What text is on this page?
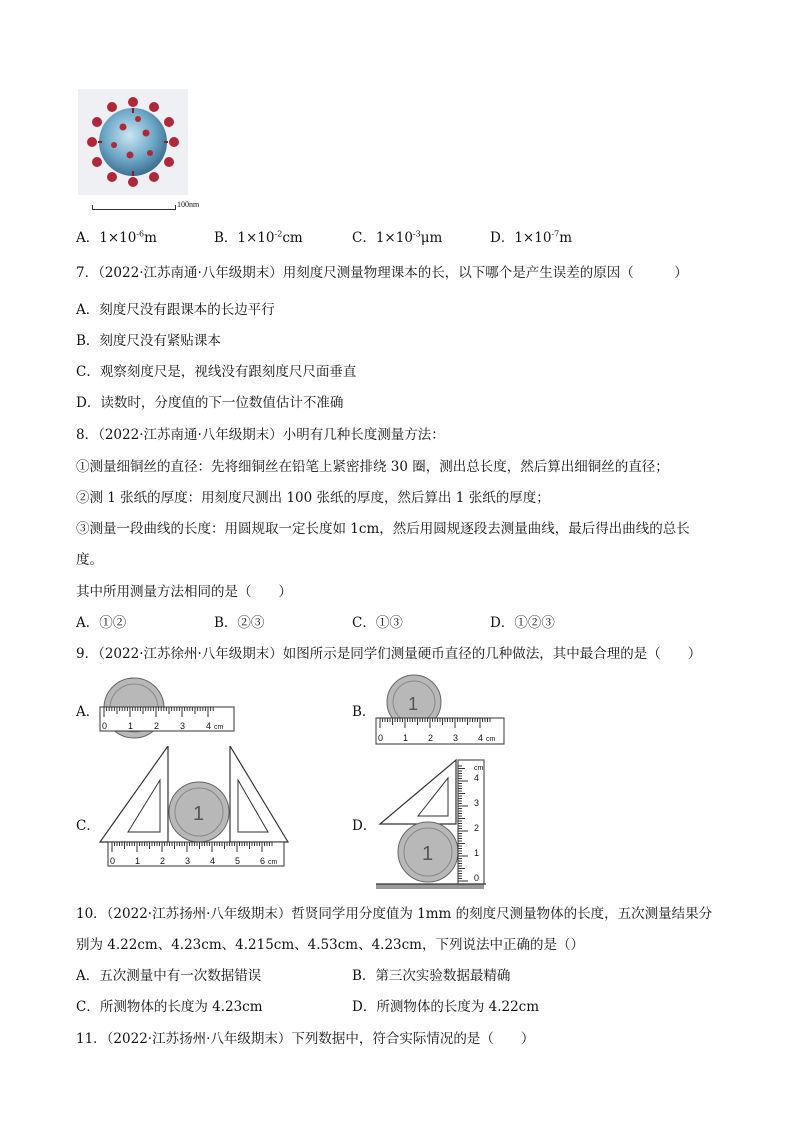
100nm
A．$1\times 10^{-6}m$	B．$1\times 10^{-2}cm$	C．$1\times 10^{-3}\mu m$	D．$1\times 10^{-7}m$
7．（2022·江苏南通·八年级期末）用刻度尺测量物理课本的长，以下哪个是产生误差的原因（　　　）
A．刻度尺没有跟课本的长边平行
B．刻度尺没有紧贴课本
C．观察刻度尺是，视线没有跟刻度尺尺面垂直
D．读数时，分度值的下一位数值估计不准确
8．（2022·江苏南通·八年级期末）小明有几种长度测量方法：
①测量细铜丝的直径：先将细铜丝在铅笔上紧密排绕 30 圈，测出总长度，然后算出细铜丝的直径；
②测 1 张纸的厚度：用刻度尺测出 100 张纸的厚度，然后算出 1 张纸的厚度；
③测量一段曲线的长度：用圆规取一定长度如 1cm，然后用圆规逐段去测量曲线，最后得出曲线的总长
度。
其中所用测量方法相同的是（　　）
A．①②	B．②③	C．①③	D．①②③
9．（2022·江苏徐州·八年级期末）如图所示是同学们测量硬币直径的几种做法，其中最合理的是（　　）
A．
0 1 2 3 4 cm
B． 1
0 1 2 3 4 cm
C．
1
0 1 2 3 4 5 6 cm
D．
1
0
1
2
3
4
cm
10．（2022·江苏扬州·八年级期末）哲贤同学用分度值为 1mm 的刻度尺测量物体的长度，五次测量结果分
别为 4.22cm、4.23cm、4.215cm、4.53cm、4.23cm，下列说法中正确的是（）
A．五次测量中有一次数据错误	B．第三次实验数据最精确
C．所测物体的长度为 4.23cm	D．所测物体的长度为 4.22cm
11．（2022·江苏扬州·八年级期末）下列数据中，符合实际情况的是（　　）
